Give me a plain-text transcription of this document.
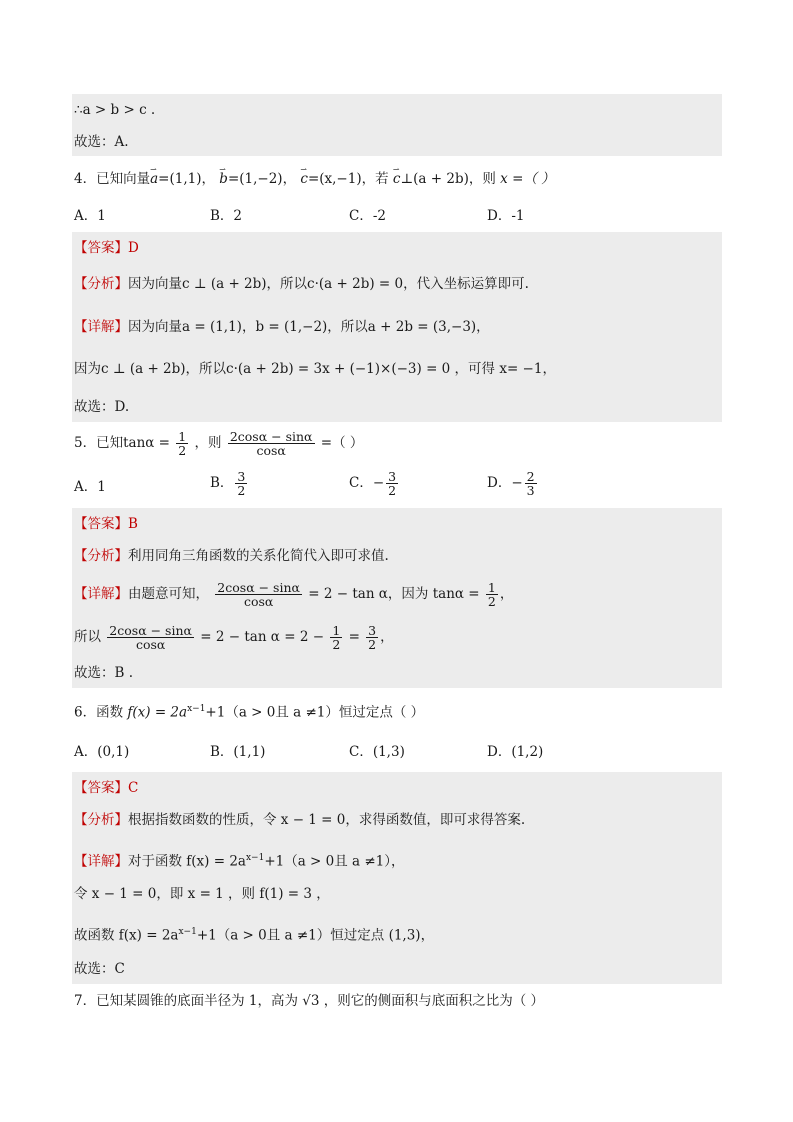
∴a > b > c .
故选：A.
4．已知向量⇀ a=(1,1)， ⇀ b=(1,−2)， ⇀ c=(x,−1)，若 ⇀ c⊥(a + 2b)，则 x =（ ）
A．1	B．2	C．-2	D．-1
【答案】D
【分析】因为向量c ⊥ (a + 2b)，所以c·(a + 2b) = 0，代入坐标运算即可.
【详解】因为向量a = (1,1)，b = (1,−2)，所以a + 2b = (3,−3)，
因为c ⊥ (a + 2b)，所以c·(a + 2b) = 3x + (−1)×(−3) = 0 ，可得 x= −1，
故选：D.
5．已知$\tan\alpha = \frac{1}{2}$ ，则 $\frac{2\cos\alpha - \sin\alpha}{\cos\alpha}$ =（ ）
A．1	B． $\frac{3}{2}$	C．− $\frac{3}{2}$	D．− $\frac{2}{3}$
【答案】B
【分析】利用同角三角函数的关系化简代入即可求值.
【详解】由题意可知， $\frac{2\cos\alpha - \sin\alpha}{\cos\alpha} = 2 - \tan \alpha$，因为 $\tan\alpha = \frac{1}{2}$ ，
所以 $\frac{2\cos\alpha - \sin\alpha}{\cos\alpha} = 2 - \tan \alpha = 2 - \frac{1}{2} = \frac{3}{2}$ ，
故选：B .
6．函数 $f(x) = 2a^{x-1}+1(a > 0$且 a ≠1）恒过定点（ ）
A．(0,1)	B．(1,1)	C．(1,3)	D．(1,2)
【答案】C
【分析】根据指数函数的性质，令 x − 1 = 0，求得函数值，即可求得答案.
【详解】对于函数 $f(x) = 2a^{x-1}+1(a > 0$且 a ≠1），
令 x − 1 = 0，即 x = 1 ，则 f(1) = 3 ，
故函数 $f(x) = 2a^{x-1}+1(a > 0$且 a ≠1）恒过定点 (1,3)，
故选：C
7．已知某圆锥的底面半径为 1，高为 √3 ，则它的侧面积与底面积之比为（ ）
